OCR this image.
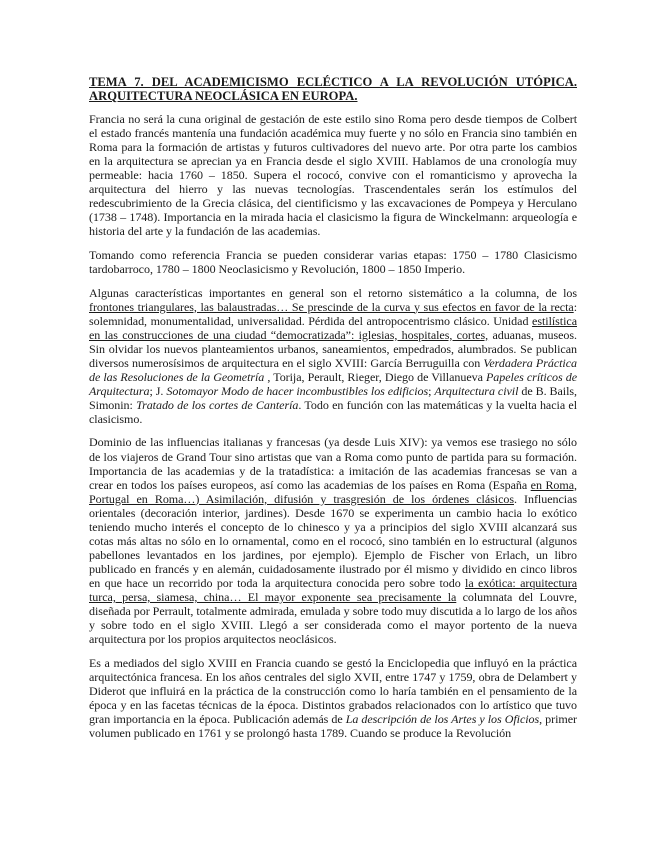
TEMA 7. DEL ACADEMICISMO ECLÉCTICO A LA REVOLUCIÓN UTÓPICA. ARQUITECTURA NEOCLÁSICA EN EUROPA.

Francia no será la cuna original de gestación de este estilo sino Roma pero desde tiempos de Colbert el estado francés mantenía una fundación académica muy fuerte y no sólo en Francia sino también en Roma para la formación de artistas y futuros cultivadores del nuevo arte. Por otra parte los cambios en la arquitectura se aprecian ya en Francia desde el siglo XVIII. Hablamos de una cronología muy permeable: hacia 1760 – 1850. Supera el rococó, convive con el romanticismo y aprovecha la arquitectura del hierro y las nuevas tecnologías. Trascendentales serán los estímulos del redescubrimiento de la Grecia clásica, del cientificismo y las excavaciones de Pompeya y Herculano (1738 – 1748). Importancia en la mirada hacia el clasicismo la figura de Winckelmann: arqueología e historia del arte y la fundación de las academias.

Tomando como referencia Francia se pueden considerar varias etapas: 1750 – 1780 Clasicismo tardobarroco, 1780 – 1800 Neoclasicismo y Revolución, 1800 – 1850 Imperio.

Algunas características importantes en general son el retorno sistemático a la columna, de los frontones triangulares, las balaustradas… Se prescinde de la curva y sus efectos en favor de la recta: solemnidad, monumentalidad, universalidad. Pérdida del antropocentrismo clásico. Unidad estilística en las construcciones de una ciudad “democratizada”: iglesias, hospitales, cortes, aduanas, museos. Sin olvidar los nuevos planteamientos urbanos, saneamientos, empedrados, alumbrados. Se publican diversos numerosísimos de arquitectura en el siglo XVIII: García Berruguilla con Verdadera Práctica de las Resoluciones de la Geometría , Torija, Perault, Rieger, Diego de Villanueva Papeles críticos de Arquitectura; J. Sotomayor Modo de hacer incombustibles los edificios; Arquitectura civil de B. Bails, Simonin: Tratado de los cortes de Cantería. Todo en función con las matemáticas y la vuelta hacia el clasicismo.

Dominio de las influencias italianas y francesas (ya desde Luis XIV): ya vemos ese trasiego no sólo de los viajeros de Grand Tour sino artistas que van a Roma como punto de partida para su formación. Importancia de las academias y de la tratadística: a imitación de las academias francesas se van a crear en todos los países europeos, así como las academias de los países en Roma (España en Roma, Portugal en Roma…) Asimilación, difusión y trasgresión de los órdenes clásicos. Influencias orientales (decoración interior, jardines). Desde 1670 se experimenta un cambio hacia lo exótico teniendo mucho interés el concepto de lo chinesco y ya a principios del siglo XVIII alcanzará sus cotas más altas no sólo en lo ornamental, como en el rococó, sino también en lo estructural (algunos pabellones levantados en los jardines, por ejemplo). Ejemplo de Fischer von Erlach, un libro publicado en francés y en alemán, cuidadosamente ilustrado por él mismo y dividido en cinco libros en que hace un recorrido por toda la arquitectura conocida pero sobre todo la exótica: arquitectura turca, persa, siamesa, china… El mayor exponente sea precisamente la columnata del Louvre, diseñada por Perrault, totalmente admirada, emulada y sobre todo muy discutida a lo largo de los años y sobre todo en el siglo XVIII. Llegó a ser considerada como el mayor portento de la nueva arquitectura por los propios arquitectos neoclásicos.

Es a mediados del siglo XVIII en Francia cuando se gestó la Enciclopedia que influyó en la práctica arquitectónica francesa. En los años centrales del siglo XVII, entre 1747 y 1759, obra de Delambert y Diderot que influirá en la práctica de la construcción como lo haría también en el pensamiento de la época y en las facetas técnicas de la época. Distintos grabados relacionados con lo artístico que tuvo gran importancia en la época. Publicación además de La descripción de los Artes y los Oficios, primer volumen publicado en 1761 y se prolongó hasta 1789. Cuando se produce la Revolución
